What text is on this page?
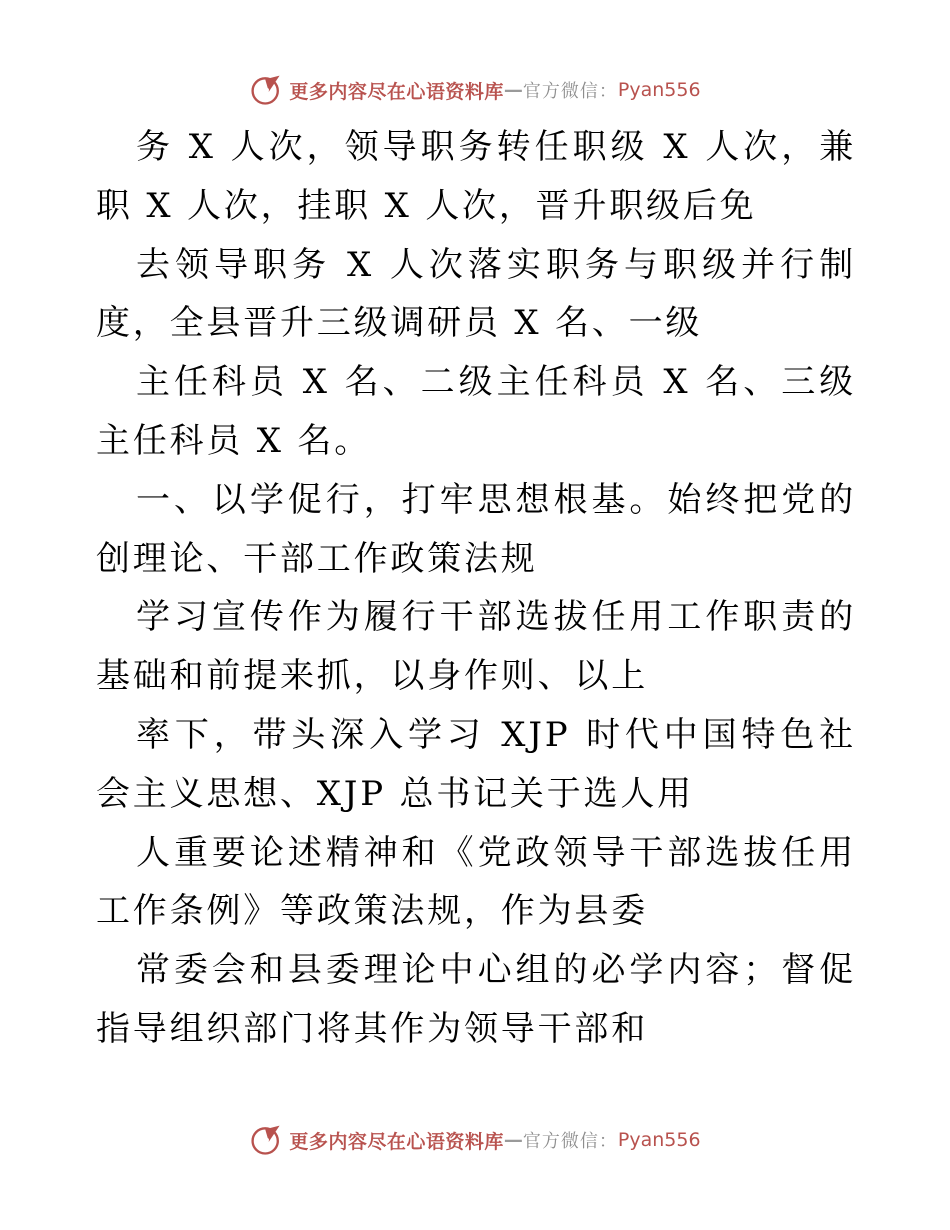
更多内容尽在心语资料库 — 官方微信： Pyan556

务 X 人次，领导职务转任职级 X 人次，兼职 X 人次，挂职 X 人次，晋升职级后免

去领导职务 X 人次落实职务与职级并行制度，全县晋升三级调研员 X 名、一级

主任科员 X 名、二级主任科员 X 名、三级主任科员 X 名。

一、以学促行，打牢思想根基。始终把党的创理论、干部工作政策法规

学习宣传作为履行干部选拔任用工作职责的基础和前提来抓，以身作则、以上

率下，带头深入学习 XJP 时代中国特色社会主义思想、XJP 总书记关于选人用

人重要论述精神和《党政领导干部选拔任用工作条例》等政策法规，作为县委

常委会和县委理论中心组的必学内容；督促指导组织部门将其作为领导干部和

更多内容尽在心语资料库 — 官方微信： Pyan556
